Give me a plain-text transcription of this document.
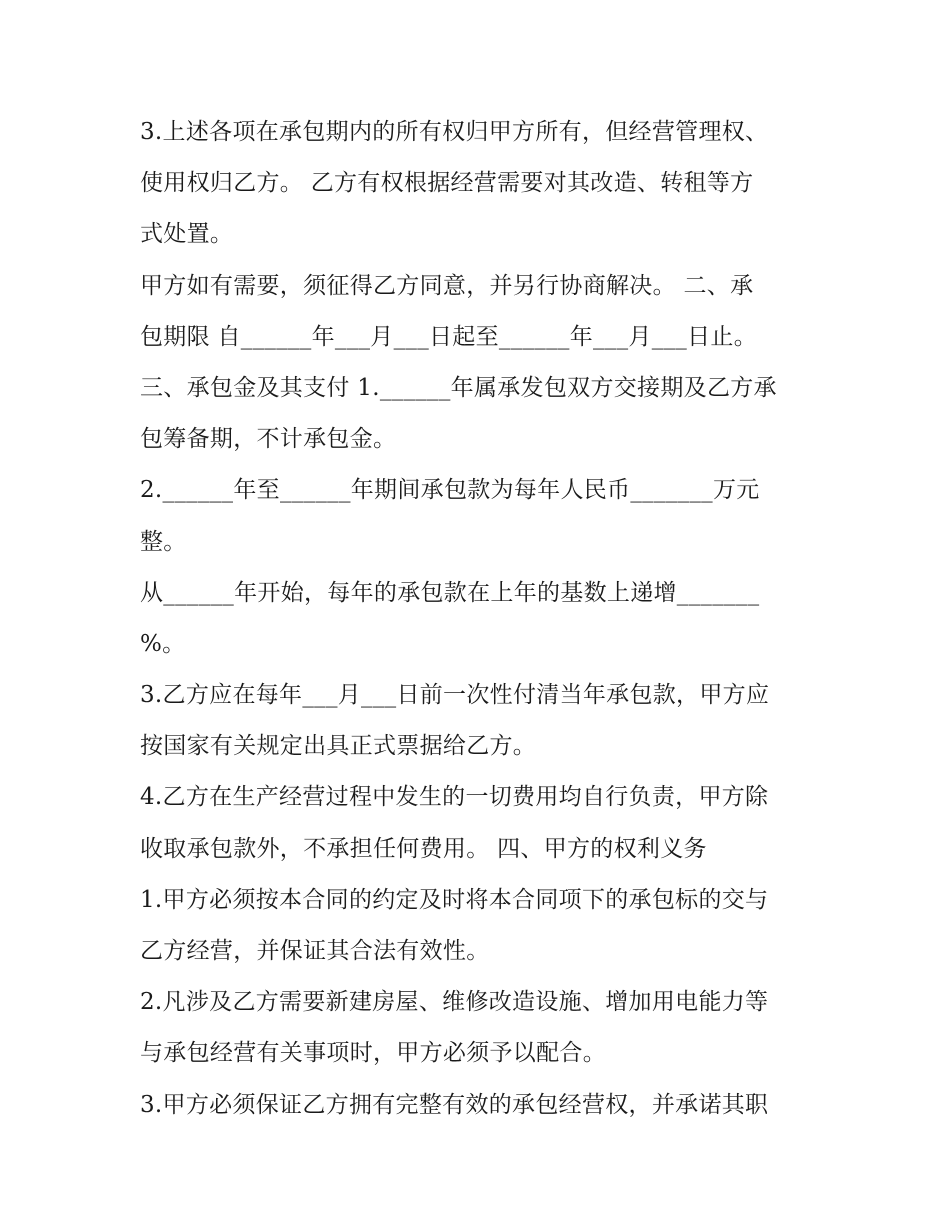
3.上述各项在承包期内的所有权归甲方所有，但经营管理权、
使用权归乙方。 乙方有权根据经营需要对其改造、转租等方
式处置。
甲方如有需要，须征得乙方同意，并另行协商解决。 二、承
包期限 自______年___月___日起至______年___月___日止。
三、承包金及其支付 1.______年属承发包双方交接期及乙方承
包筹备期，不计承包金。
2.______年至______年期间承包款为每年人民币_______万元
整。
从______年开始，每年的承包款在上年的基数上递增_______
%。
3.乙方应在每年___月___日前一次性付清当年承包款，甲方应
按国家有关规定出具正式票据给乙方。
4.乙方在生产经营过程中发生的一切费用均自行负责，甲方除
收取承包款外，不承担任何费用。 四、甲方的权利义务
1.甲方必须按本合同的约定及时将本合同项下的承包标的交与
乙方经营，并保证其合法有效性。
2.凡涉及乙方需要新建房屋、维修改造设施、增加用电能力等
与承包经营有关事项时，甲方必须予以配合。
3.甲方必须保证乙方拥有完整有效的承包经营权，并承诺其职
